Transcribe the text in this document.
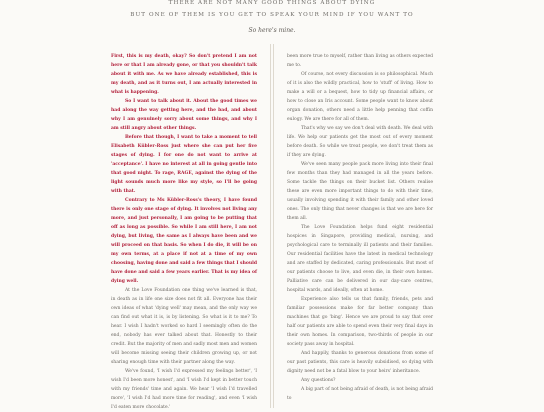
THERE ARE NOT MANY GOOD THINGS ABOUT DYING
BUT ONE OF THEM IS YOU GET TO SPEAK YOUR MIND IF YOU WANT TO
So here's mine.

First, this is my death, okay? So don't pretend I am not here or that I am already gone, or that you shouldn't talk about it with me. As we have already established, this is my death, and as it turns out, I am actually interested in what is happening.

So I want to talk about it. About the good times we had along the way getting here, and the bad, and about why I am genuinely sorry about some things, and why I am still angry about other things.

Before that though, I want to take a moment to tell Elisabeth Kübler-Ross just where she can put her five stages of dying. I for one do not want to arrive at 'acceptance'. I have no interest at all in going gentle into that good night. To rage, RAGE, against the dying of the light sounds much more like my style, so I'll be going with that.

Contrary to Ms Kübler-Ross's theory, I have found there is only one stage of dying. It involves not living any more, and just personally, I am going to be putting that off as long as possible. So while I am still here, I am not dying, but living, the same as I always have been and we will proceed on that basis. So when I do die, it will be on my own terms, at a place if not at a time of my own choosing, having done and said a few things that I should have done and said a few years earlier. That is my idea of dying well.

At the Love Foundation one thing we've learned is that, in death as in life one size does not fit all. Everyone has their own ideas of what 'dying well' may mean, and the only way we can find out what it is, is by listening. So what is it to me? To hear. I wish I hadn't worked so hard I seemingly often do the end, nobody has ever talked about that. Honestly to their credit. But the majority of men and sadly most men and women will become missing seeing their children growing up, or not sharing enough time with their partner along the way.

We've found, 'I wish I'd expressed my feelings better', 'I wish I'd been more honest', and 'I wish I'd kept in better touch with my friends' time and again. We hear 'I wish I'd travelled more', 'I wish I'd had more time for reading', and even 'I wish I'd eaten more chocolate.'

been more true to myself, rather than living as others expected me to.

Of course, not every discussion is so philosophical. Much of it is also the wildly practical, how to 'stuff' of living. How to make a will or a bequest, how to tidy up financial affairs, or how to close an Iris account. Some people want to know about organ donation, others need a little help penning that coffin eulogy. We are there for all of them.

That's why we say we don't deal with death. We deal with life. We help our patients get the most out of every moment before death. So while we treat people, we don't treat them as if they are dying.

We've seen many people pack more living into their final few months than they had managed in all the years before. Some tackle the things on their bucket list. Others realise these are even more important things to do with their time, usually involving spending it with their family and other loved ones. The only thing that never changes is that we are here for them all.

The Love Foundation helps fund eight residential hospices in Singapore, providing medical, nursing, and psychological care to terminally ill patients and their families. Our residential facilities have the latest in medical technology and are staffed by dedicated, caring professionals. But most of our patients choose to live, and even die, in their own homes. Palliative care can be delivered in our day-care centres, hospital wards, and ideally, often at home.

Experience also tells us that family, friends, pets and familiar possessions make for far better company than machines that go 'bing'. Hence we are proud to say that over half our patients are able to spend even their very final days in their own homes. In comparison, two-thirds of people in our society pass away in hospital.

And happily, thanks to generous donations from some of our past patients, this care is heavily subsidised, so dying with dignity need not be a fatal blow to your heirs' inheritance.

Any questions?

A big part of not being afraid of death, is not being afraid to
